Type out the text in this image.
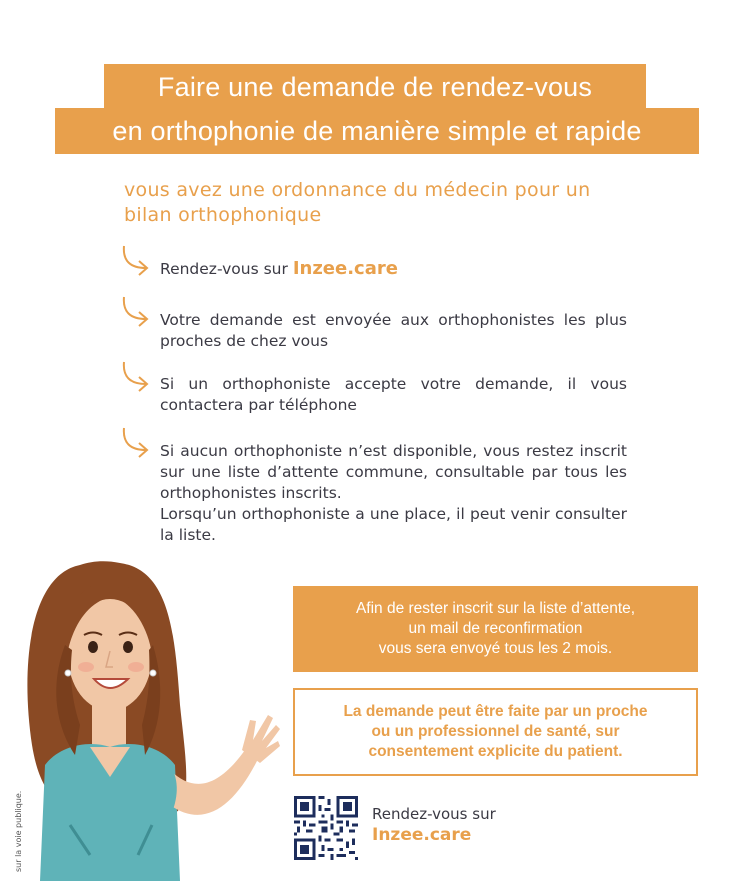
Faire une demande de rendez-vous
en orthophonie de manière simple et rapide
vous avez une ordonnance du médecin pour un bilan orthophonique
Rendez-vous sur Inzee.care
Votre demande est envoyée aux orthophonistes les plus proches de chez vous
Si un orthophoniste accepte votre demande, il vous contactera par téléphone
Si aucun orthophoniste n’est disponible, vous restez inscrit sur une liste d’attente commune, consultable par tous les orthophonistes inscrits.
Lorsqu’un orthophoniste a une place, il peut venir consulter la liste.
sur la voie publique.
Afin de rester inscrit sur la liste d’attente,
un mail de reconfirmation
vous sera envoyé tous les 2 mois.
La demande peut être faite par un proche
ou un professionnel de santé, sur
consentement explicite du patient.
Rendez-vous sur
Inzee.care
